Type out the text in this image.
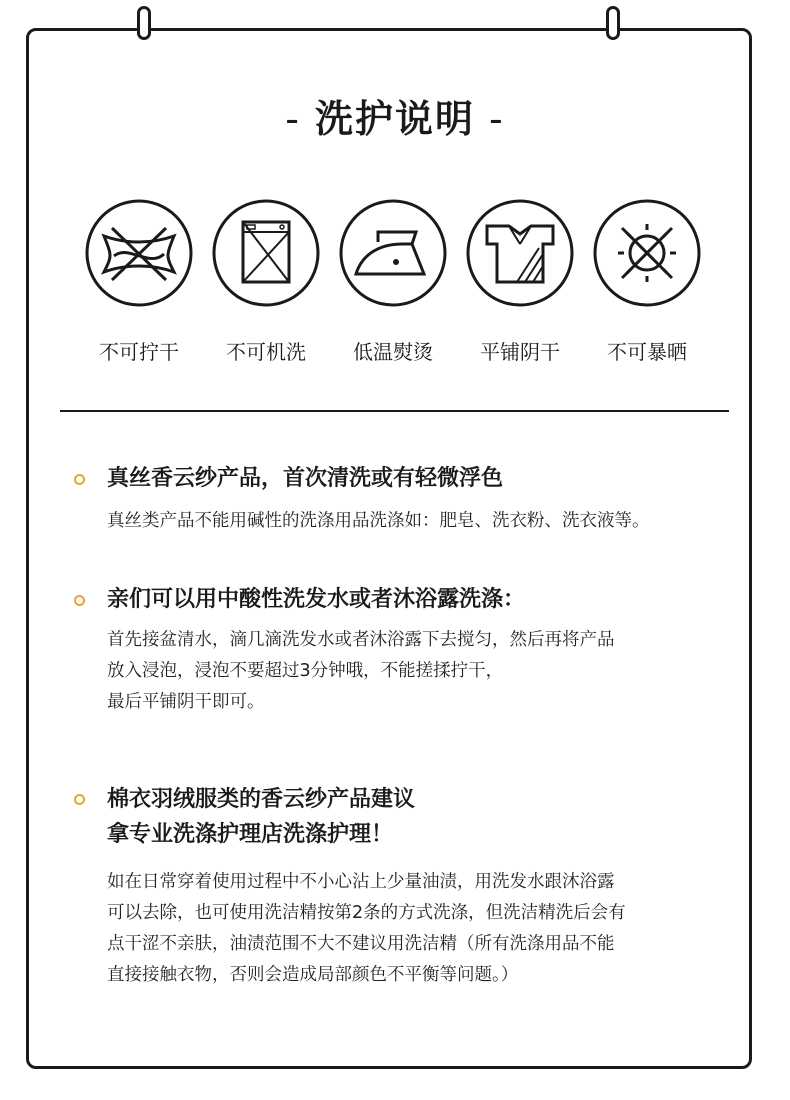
- 洗护说明 -
不可拧干	不可机洗	低温熨烫	平铺阴干	不可暴晒
真丝香云纱产品，首次清洗或有轻微浮色
真丝类产品不能用碱性的洗涤用品洗涤如：肥皂、洗衣粉、洗衣液等。
亲们可以用中酸性洗发水或者沐浴露洗涤：
首先接盆清水，滴几滴洗发水或者沐浴露下去搅匀，然后再将产品
放入浸泡，浸泡不要超过3分钟哦，不能搓揉拧干，
最后平铺阴干即可。
棉衣羽绒服类的香云纱产品建议
拿专业洗涤护理店洗涤护理！
如在日常穿着使用过程中不小心沾上少量油渍，用洗发水跟沐浴露
可以去除，也可使用洗洁精按第2条的方式洗涤，但洗洁精洗后会有
点干涩不亲肤，油渍范围不大不建议用洗洁精（所有洗涤用品不能
直接接触衣物，否则会造成局部颜色不平衡等问题。）
